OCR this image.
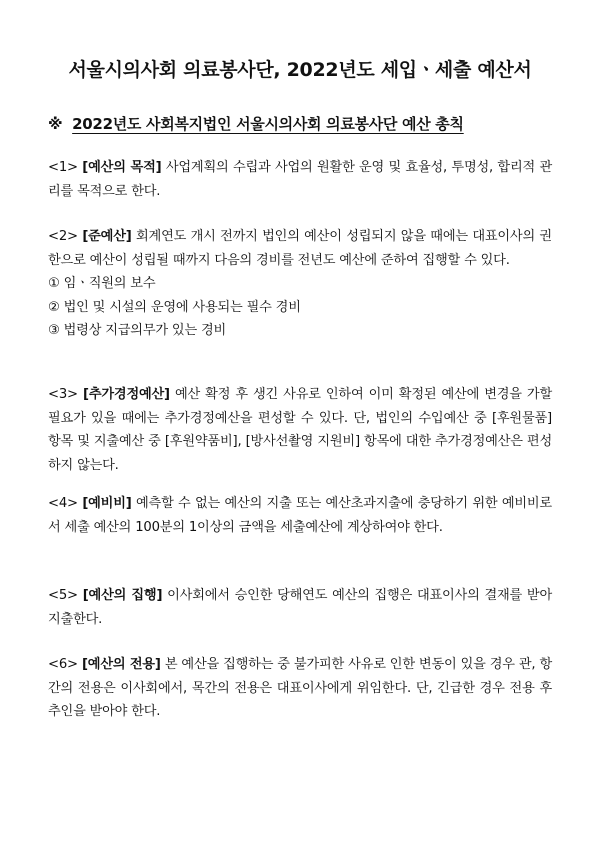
서울시의사회 의료봉사단, 2022년도 세입ㆍ세출 예산서
※ 2022년도 사회복지법인 서울시의사회 의료봉사단 예산 총칙

<1> [예산의 목적] 사업계획의 수립과 사업의 원활한 운영 및 효율성, 투명성, 합리적 관리를 목적으로 한다.

<2> [준예산] 회계연도 개시 전까지 법인의 예산이 성립되지 않을 때에는 대표이사의 권한으로 예산이 성립될 때까지 다음의 경비를 전년도 예산에 준하여 집행할 수 있다.

① 임ㆍ직원의 보수
② 법인 및 시설의 운영에 사용되는 필수 경비
③ 법령상 지급의무가 있는 경비

<3> [추가경정예산] 예산 확정 후 생긴 사유로 인하여 이미 확정된 예산에 변경을 가할 필요가 있을 때에는 추가경정예산을 편성할 수 있다. 단, 법인의 수입예산 중 [후원물품] 항목 및 지출예산 중 [후원약품비], [방사선촬영 지원비] 항목에 대한 추가경정예산은 편성하지 않는다.

<4> [예비비] 예측할 수 없는 예산의 지출 또는 예산초과지출에 충당하기 위한 예비비로서 세출 예산의 100분의 1이상의 금액을 세출예산에 계상하여야 한다.

<5> [예산의 집행] 이사회에서 승인한 당해연도 예산의 집행은 대표이사의 결재를 받아 지출한다.

<6> [예산의 전용] 본 예산을 집행하는 중 불가피한 사유로 인한 변동이 있을 경우 관, 항간의 전용은 이사회에서, 목간의 전용은 대표이사에게 위임한다. 단, 긴급한 경우 전용 후 추인을 받아야 한다.
